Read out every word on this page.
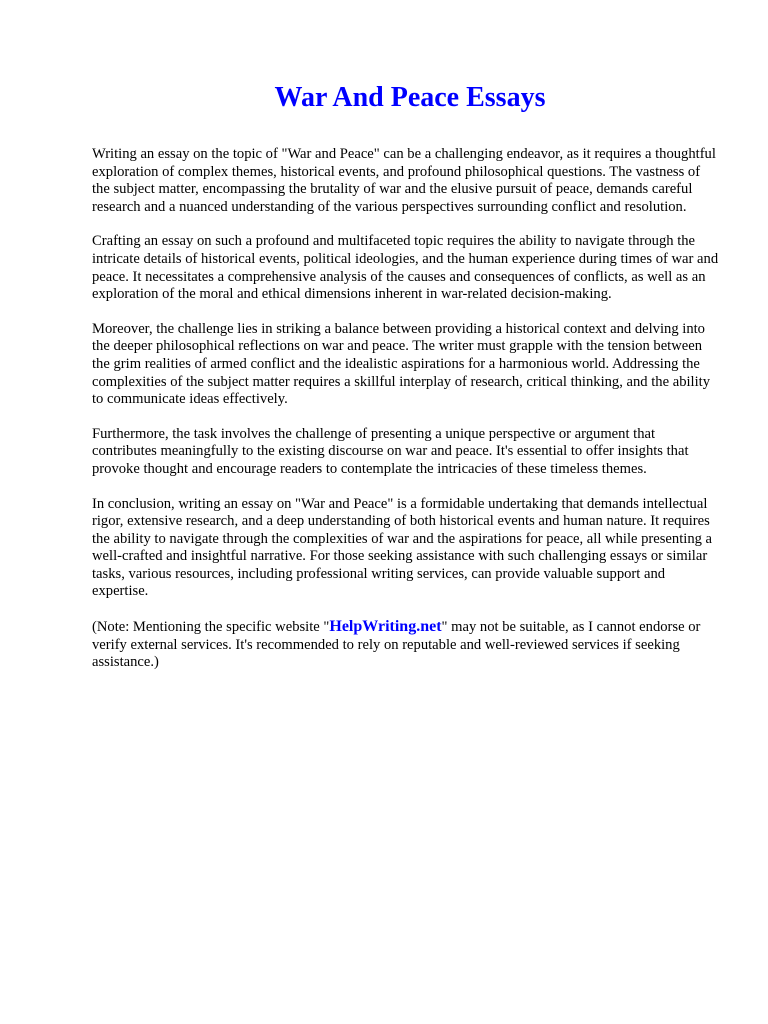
War And Peace Essays

Writing an essay on the topic of "War and Peace" can be a challenging endeavor, as it requires a thoughtful exploration of complex themes, historical events, and profound philosophical questions. The vastness of the subject matter, encompassing the brutality of war and the elusive pursuit of peace, demands careful research and a nuanced understanding of the various perspectives surrounding conflict and resolution.

Crafting an essay on such a profound and multifaceted topic requires the ability to navigate through the intricate details of historical events, political ideologies, and the human experience during times of war and peace. It necessitates a comprehensive analysis of the causes and consequences of conflicts, as well as an exploration of the moral and ethical dimensions inherent in war-related decision-making.

Moreover, the challenge lies in striking a balance between providing a historical context and delving into the deeper philosophical reflections on war and peace. The writer must grapple with the tension between the grim realities of armed conflict and the idealistic aspirations for a harmonious world. Addressing the complexities of the subject matter requires a skillful interplay of research, critical thinking, and the ability to communicate ideas effectively.

Furthermore, the task involves the challenge of presenting a unique perspective or argument that contributes meaningfully to the existing discourse on war and peace. It's essential to offer insights that provoke thought and encourage readers to contemplate the intricacies of these timeless themes.

In conclusion, writing an essay on "War and Peace" is a formidable undertaking that demands intellectual rigor, extensive research, and a deep understanding of both historical events and human nature. It requires the ability to navigate through the complexities of war and the aspirations for peace, all while presenting a well-crafted and insightful narrative. For those seeking assistance with such challenging essays or similar tasks, various resources, including professional writing services, can provide valuable support and expertise.

(Note: Mentioning the specific website "HelpWriting.net" may not be suitable, as I cannot endorse or verify external services. It's recommended to rely on reputable and well-reviewed services if seeking assistance.)
